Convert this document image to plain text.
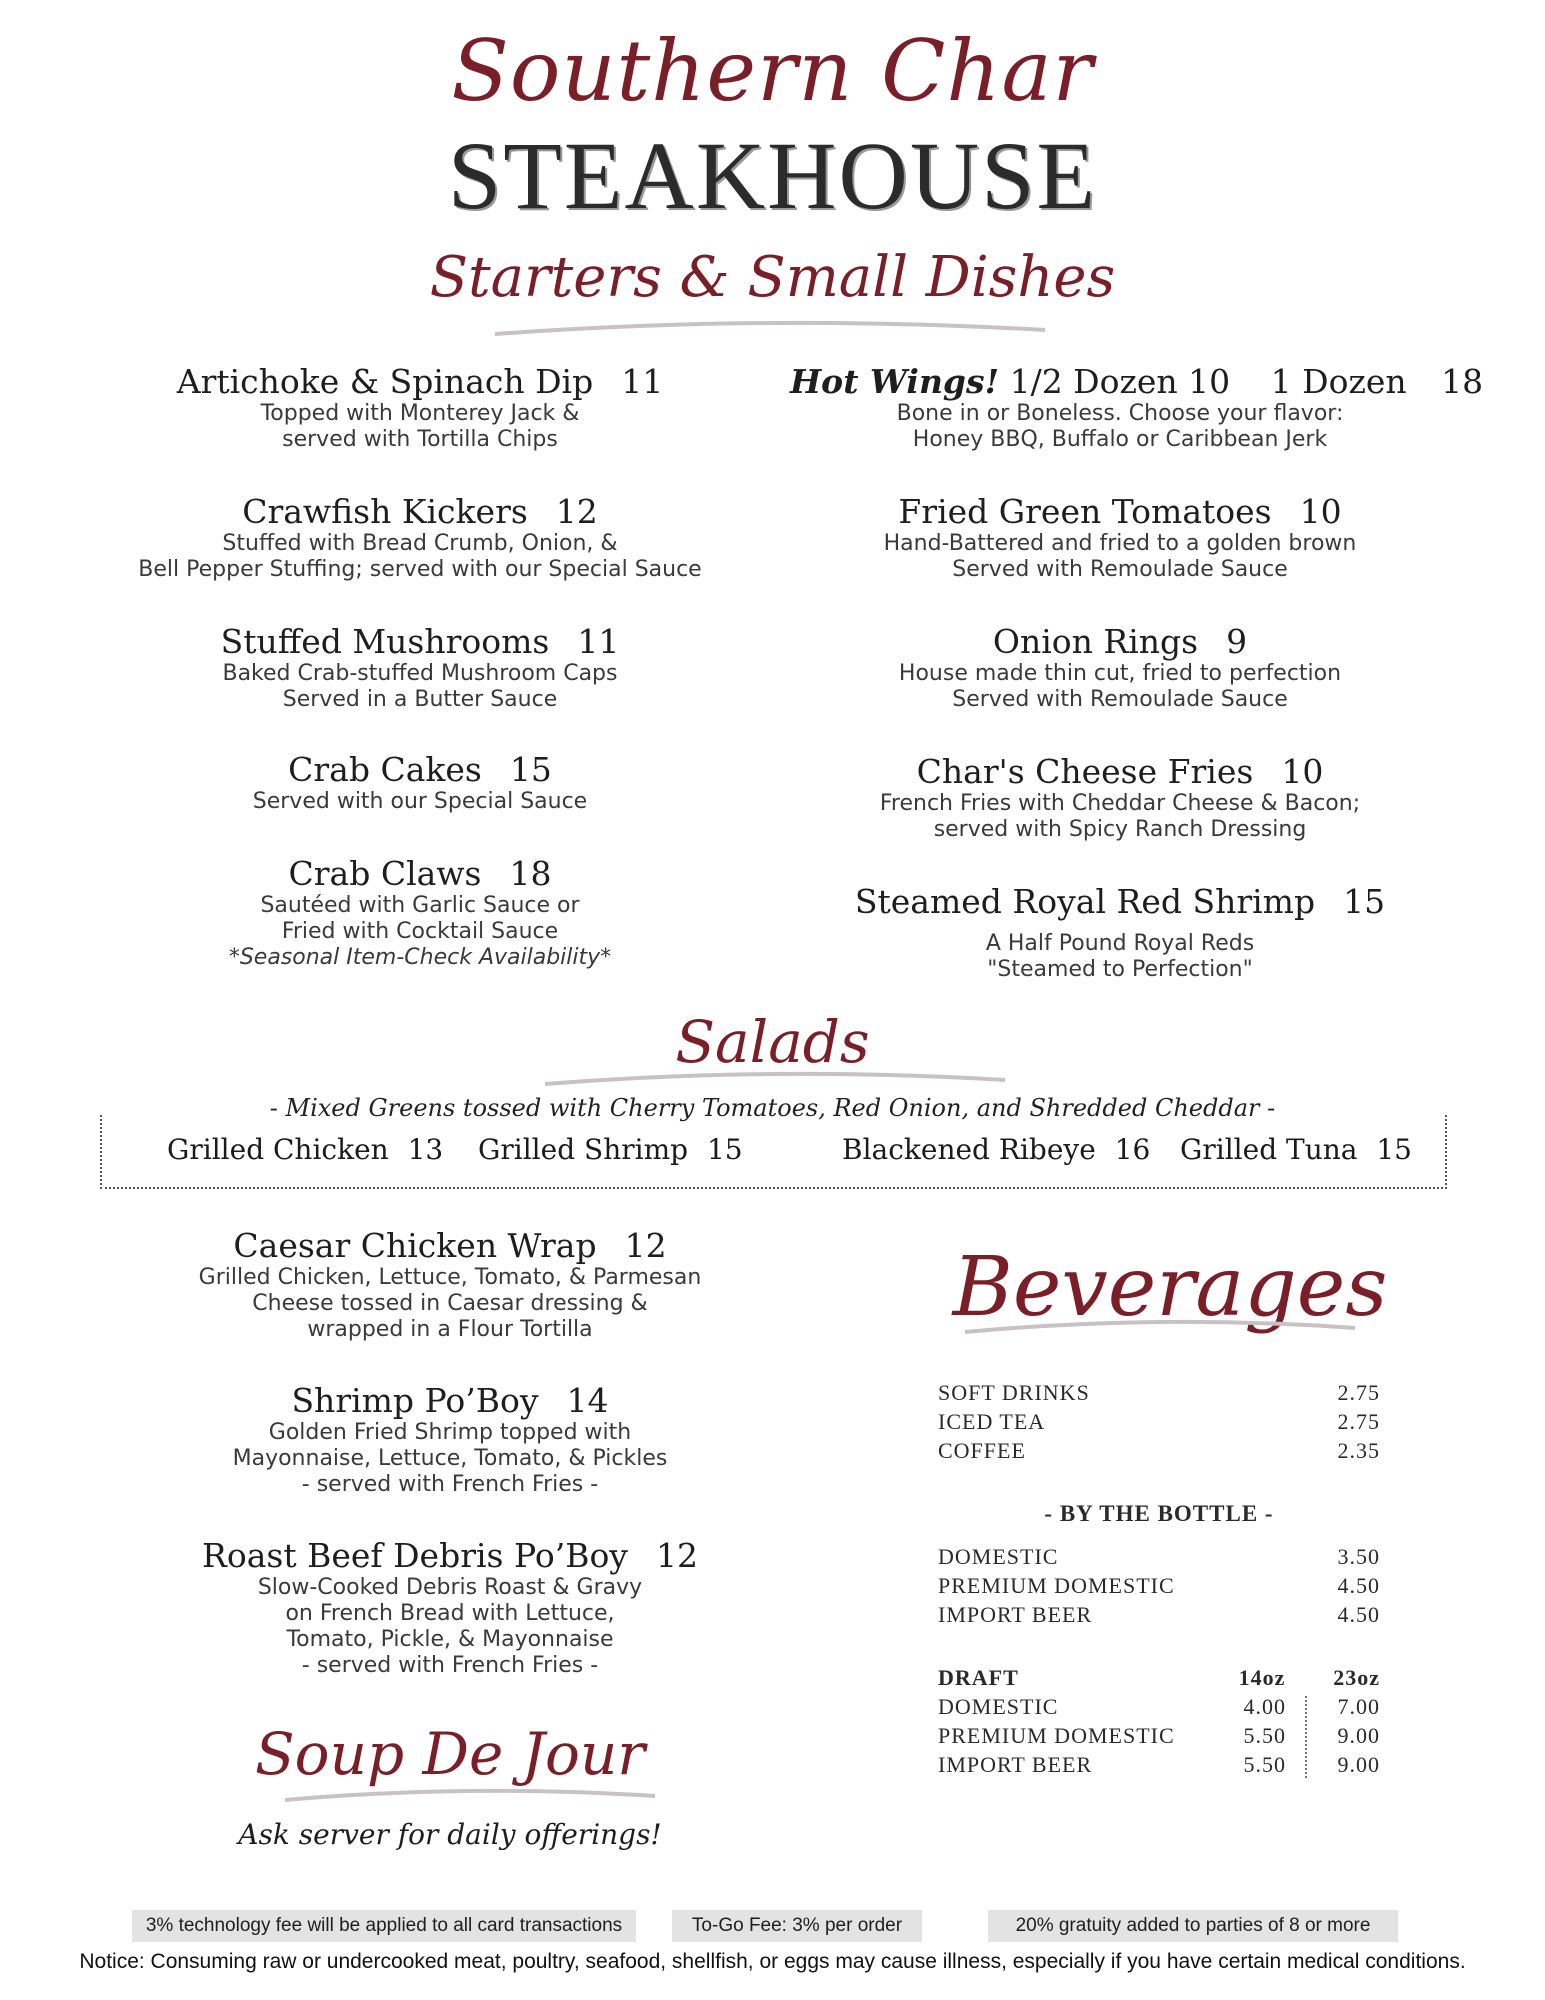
Southern Char
STEAKHOUSE
Starters & Small Dishes
Artichoke & Spinach Dip 11
Topped with Monterey Jack &
served with Tortilla Chips
Crawfish Kickers 12
Stuffed with Bread Crumb, Onion, &
Bell Pepper Stuffing; served with our Special Sauce
Stuffed Mushrooms 11
Baked Crab-stuffed Mushroom Caps
Served in a Butter Sauce
Crab Cakes 15
Served with our Special Sauce
Crab Claws 18
Sautéed with Garlic Sauce or
Fried with Cocktail Sauce
*Seasonal Item-Check Availability*
Hot Wings! 1/2 Dozen 10 1 Dozen 18
Bone in or Boneless. Choose your flavor:
Honey BBQ, Buffalo or Caribbean Jerk
Fried Green Tomatoes 10
Hand-Battered and fried to a golden brown
Served with Remoulade Sauce
Onion Rings 9
House made thin cut, fried to perfection
Served with Remoulade Sauce
Char's Cheese Fries 10
French Fries with Cheddar Cheese & Bacon;
served with Spicy Ranch Dressing
Steamed Royal Red Shrimp 15
A Half Pound Royal Reds
"Steamed to Perfection"
Salads
- Mixed Greens tossed with Cherry Tomatoes, Red Onion, and Shredded Cheddar -
Grilled Chicken 13 Grilled Shrimp 15	Blackened Ribeye 16 Grilled Tuna 15
Caesar Chicken Wrap 12
Grilled Chicken, Lettuce, Tomato, & Parmesan
Cheese tossed in Caesar dressing &
wrapped in a Flour Tortilla
Shrimp Po’Boy 14
Golden Fried Shrimp topped with
Mayonnaise, Lettuce, Tomato, & Pickles
- served with French Fries -
Roast Beef Debris Po’Boy 12
Slow-Cooked Debris Roast & Gravy
on French Bread with Lettuce,
Tomato, Pickle, & Mayonnaise
- served with French Fries -
Soup De Jour
Ask server for daily offerings!
Beverages
SOFT DRINKS	2.75
ICED TEA	2.75
COFFEE	2.35
- BY THE BOTTLE -
DOMESTIC	3.50
PREMIUM DOMESTIC	4.50
IMPORT BEER	4.50
DRAFT	14oz	23oz
DOMESTIC	4.00	7.00
PREMIUM DOMESTIC	5.50	9.00
IMPORT BEER	5.50	9.00
3% technology fee will be applied to all card transactions	To-Go Fee: 3% per order	20% gratuity added to parties of 8 or more
Notice: Consuming raw or undercooked meat, poultry, seafood, shellfish, or eggs may cause illness, especially if you have certain medical conditions.
